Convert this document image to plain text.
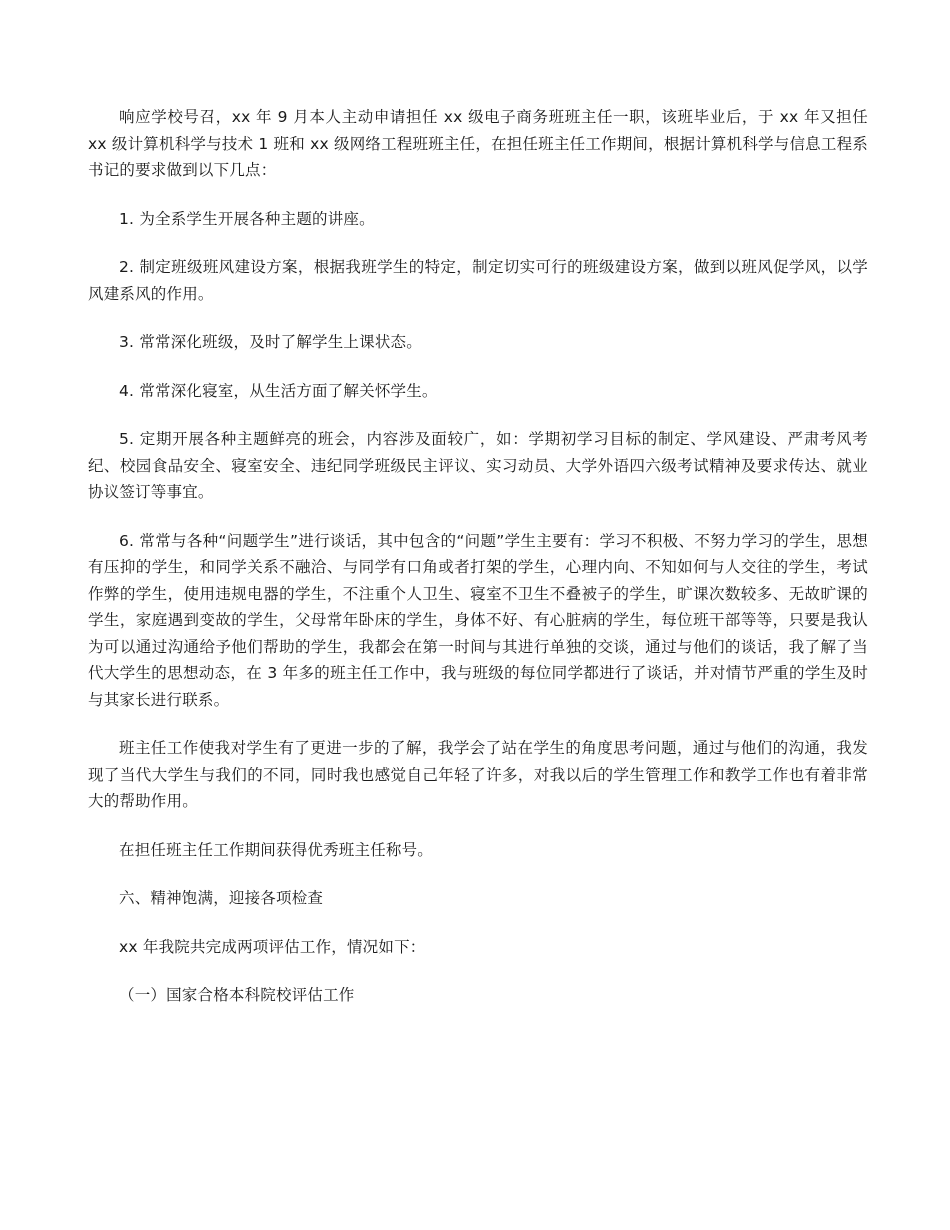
响应学校号召，xx 年 9 月本人主动申请担任 xx 级电子商务班班主任一职，该班毕业后，于 xx 年又担任 xx 级计算机科学与技术 1 班和 xx 级网络工程班班主任，在担任班主任工作期间，根据计算机科学与信息工程系书记的要求做到以下几点：

1. 为全系学生开展各种主题的讲座。

2. 制定班级班风建设方案，根据我班学生的特定，制定切实可行的班级建设方案，做到以班风促学风，以学风建系风的作用。

3. 常常深化班级，及时了解学生上课状态。

4. 常常深化寝室，从生活方面了解关怀学生。

5. 定期开展各种主题鲜亮的班会，内容涉及面较广，如：学期初学习目标的制定、学风建设、严肃考风考纪、校园食品安全、寝室安全、违纪同学班级民主评议、实习动员、大学外语四六级考试精神及要求传达、就业协议签订等事宜。

6. 常常与各种“问题学生”进行谈话，其中包含的“问题”学生主要有：学习不积极、不努力学习的学生，思想有压抑的学生，和同学关系不融洽、与同学有口角或者打架的学生，心理内向、不知如何与人交往的学生，考试作弊的学生，使用违规电器的学生，不注重个人卫生、寝室不卫生不叠被子的学生，旷课次数较多、无故旷课的学生，家庭遇到变故的学生，父母常年卧床的学生，身体不好、有心脏病的学生，每位班干部等等，只要是我认为可以通过沟通给予他们帮助的学生，我都会在第一时间与其进行单独的交谈，通过与他们的谈话，我了解了当代大学生的思想动态，在 3 年多的班主任工作中，我与班级的每位同学都进行了谈话，并对情节严重的学生及时与其家长进行联系。

班主任工作使我对学生有了更进一步的了解，我学会了站在学生的角度思考问题，通过与他们的沟通，我发现了当代大学生与我们的不同，同时我也感觉自己年轻了许多，对我以后的学生管理工作和教学工作也有着非常大的帮助作用。

在担任班主任工作期间获得优秀班主任称号。

六、精神饱满，迎接各项检查

xx 年我院共完成两项评估工作，情况如下：

（一）国家合格本科院校评估工作
